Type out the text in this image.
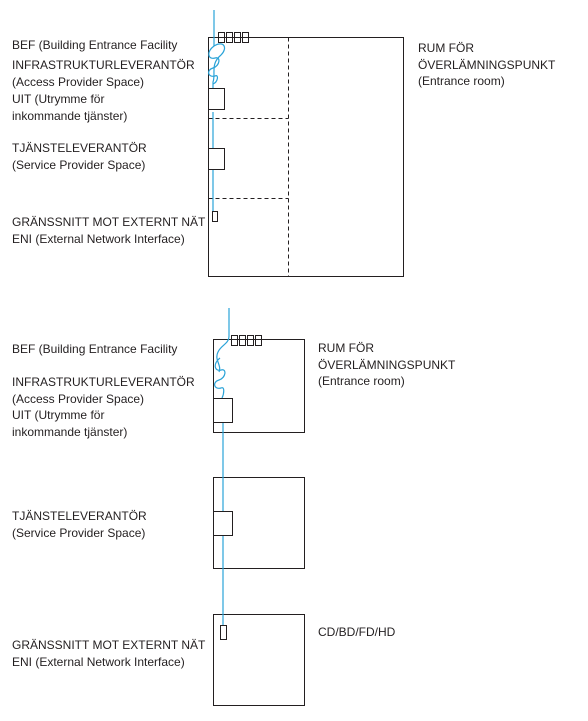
BEF (Building Entrance Facility
INFRASTRUKTURLEVERANTÖR
(Access Provider Space)
UIT (Utrymme för
inkommande tjänster)
TJÄNSTELEVERANTÖR
(Service Provider Space)
GRÄNSSNITT MOT EXTERNT NÄT
ENI (External Network Interface)
RUM FÖR
ÖVERLÄMNINGSPUNKT
(Entrance room)
BEF (Building Entrance Facility
INFRASTRUKTURLEVERANTÖR
(Access Provider Space)
UIT (Utrymme för
inkommande tjänster)
TJÄNSTELEVERANTÖR
(Service Provider Space)
GRÄNSSNITT MOT EXTERNT NÄT
ENI (External Network Interface)
RUM FÖR
ÖVERLÄMNINGSPUNKT
(Entrance room)
CD/BD/FD/HD
